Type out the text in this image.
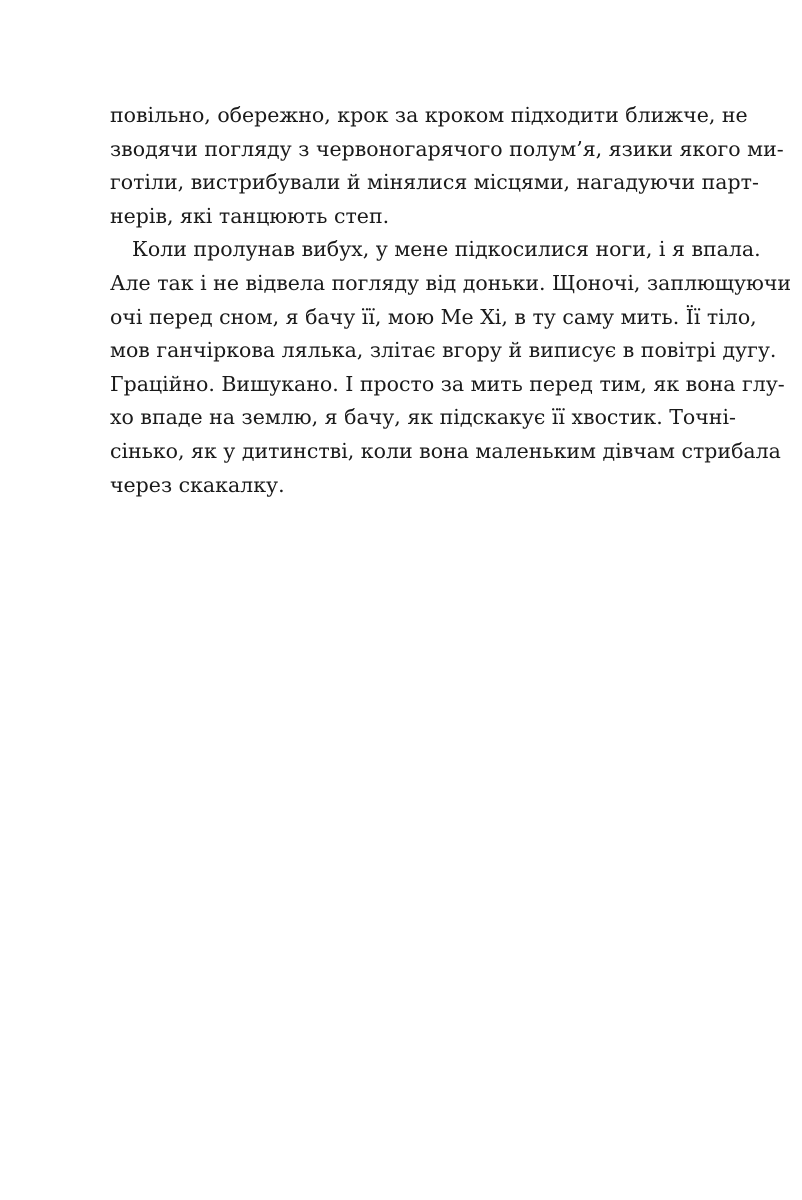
повільно, обережно, крок за кроком підходити ближче, не
зводячи погляду з червоногарячого полум’я, язики якого ми-
готіли, вистрибували й мінялися місцями, нагадуючи парт-
нерів, які танцюють степ.
Коли пролунав вибух, у мене підкосилися ноги, і я впала.
Але так і не відвела погляду від доньки. Щоночі, заплющуючи
очі перед сном, я бачу її, мою Ме Хі, в ту саму мить. Її тіло,
мов ганчіркова лялька, злітає вгору й виписує в повітрі дугу.
Граційно. Вишукано. І просто за мить перед тим, як вона глу-
хо впаде на землю, я бачу, як підскакує її хвостик. Точні-
сінько, як у дитинстві, коли вона маленьким дівчам стрибала
через скакалку.
